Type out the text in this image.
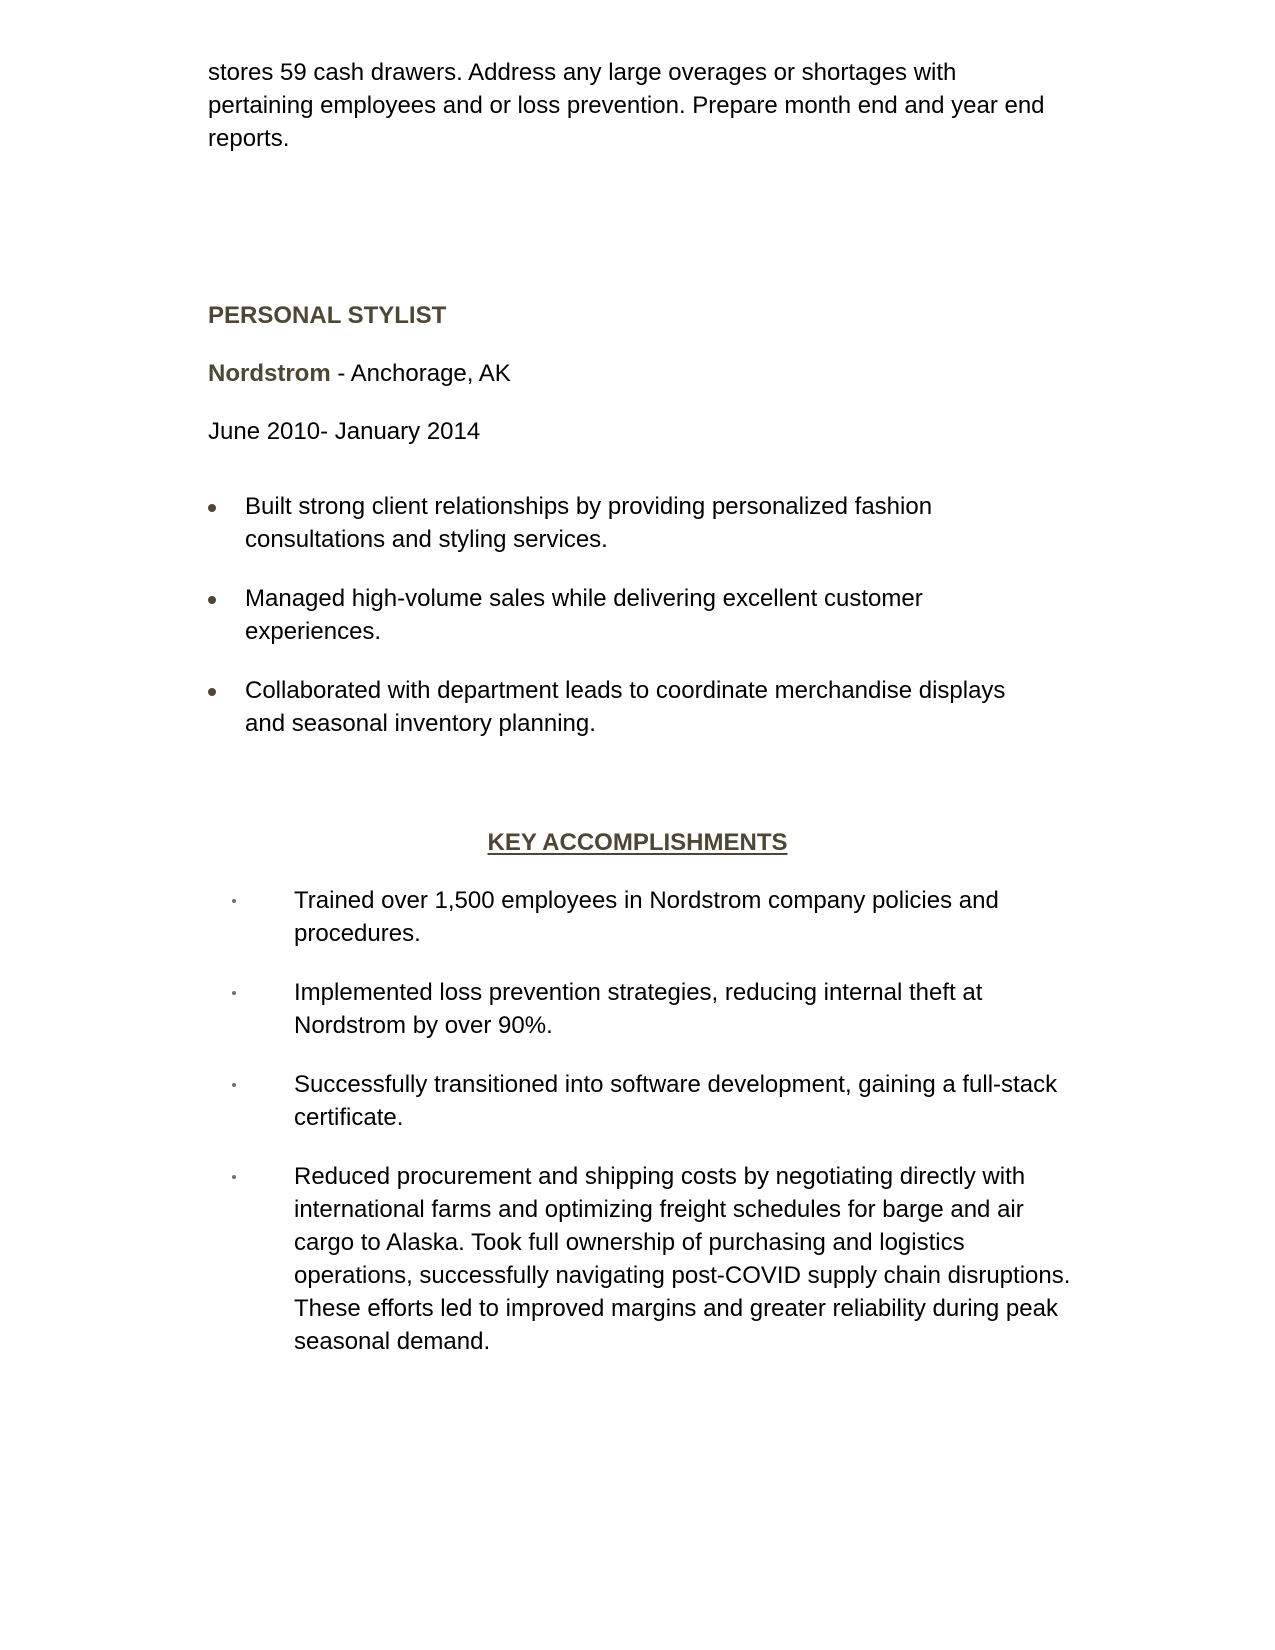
stores 59 cash drawers. Address any large overages or shortages with pertaining employees and or loss prevention. Prepare month end and year end reports.

PERSONAL STYLIST

Nordstrom - Anchorage, AK

June 2010- January 2014

Built strong client relationships by providing personalized fashion consultations and styling services.
Managed high-volume sales while delivering excellent customer experiences.
Collaborated with department leads to coordinate merchandise displays and seasonal inventory planning.
KEY ACCOMPLISHMENTS
Trained over 1,500 employees in Nordstrom company policies and procedures.
Implemented loss prevention strategies, reducing internal theft at Nordstrom by over 90%.
Successfully transitioned into software development, gaining a full-stack certificate.
Reduced procurement and shipping costs by negotiating directly with international farms and optimizing freight schedules for barge and air cargo to Alaska. Took full ownership of purchasing and logistics operations, successfully navigating post-COVID supply chain disruptions. These efforts led to improved margins and greater reliability during peak seasonal demand.
